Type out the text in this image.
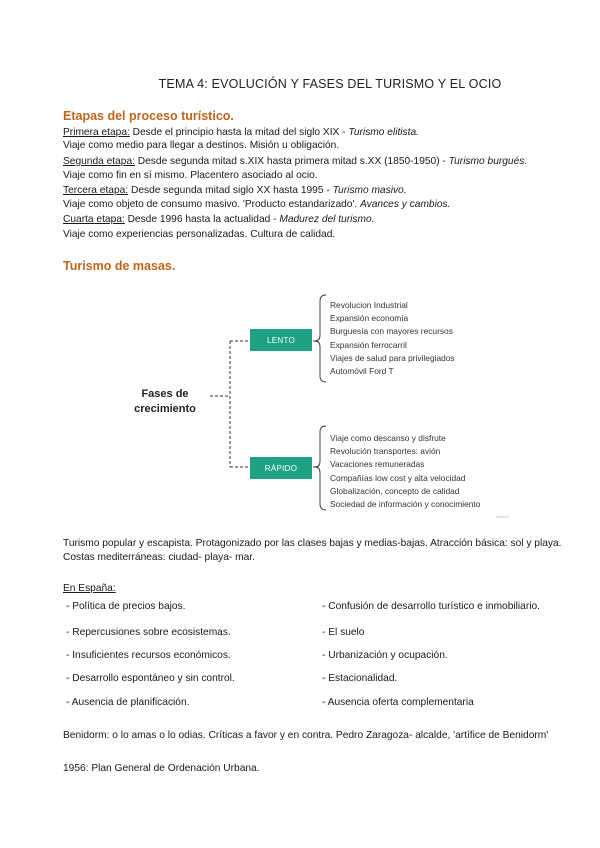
TEMA 4: EVOLUCIÓN Y FASES DEL TURISMO Y EL OCIO
Etapas del proceso turístico.
Primera etapa: Desde el principio hasta la mitad del siglo XIX - Turismo elitista.
Viaje como medio para llegar a destinos. Misión u obligación.
Segunda etapa: Desde segunda mitad s.XIX hasta primera mitad s.XX (1850-1950) - Turismo burgués.
Viaje como fin en sí mismo. Placentero asociado al ocio.
Tercera etapa: Desde segunda mitad siglo XX hasta 1995 - Turismo masivo.
Viaje como objeto de consumo masivo. 'Producto estandarizado'. Avances y cambios.
Cuarta etapa: Desde 1996 hasta la actualidad - Madurez del turismo.
Viaje como experiencias personalizadas. Cultura de calidad.
Turismo de masas.
Fases de crecimiento
LENTO
RÁPIDO
Revolucion Industrial
Expansión economía
Burguesía con mayores recursos
Expansión ferrocarril
Viajes de salud para privilegiados
Automóvil Ford T
Viaje como descanso y disfrute
Revolución transportes: avión
Vacaciones remuneradas
Compañías low cost y alta velocidad
Globalización, concepto de calidad
Sociedad de información y conocimiento
wuolah
Turismo popular y escapista. Protagonizado por las clases bajas y medias-bajas. Atracción básica: sol y playa. Costas mediterráneas: ciudad- playa- mar.
En España:
- Política de precios bajos.
- Repercusiones sobre ecosistemas.
- Insuficientes recursos económicos.
- Desarrollo espontáneo y sin control.
- Ausencia de planificación.
- Confusión de desarrollo turístico e inmobiliario.
- El suelo
- Urbanización y ocupación.
- Estacionalidad.
- Ausencia oferta complementaria
Benidorm: o lo amas o lo odias. Críticas a favor y en contra. Pedro Zaragoza- alcalde, 'artífice de Benidorm'
1956: Plan General de Ordenación Urbana.
